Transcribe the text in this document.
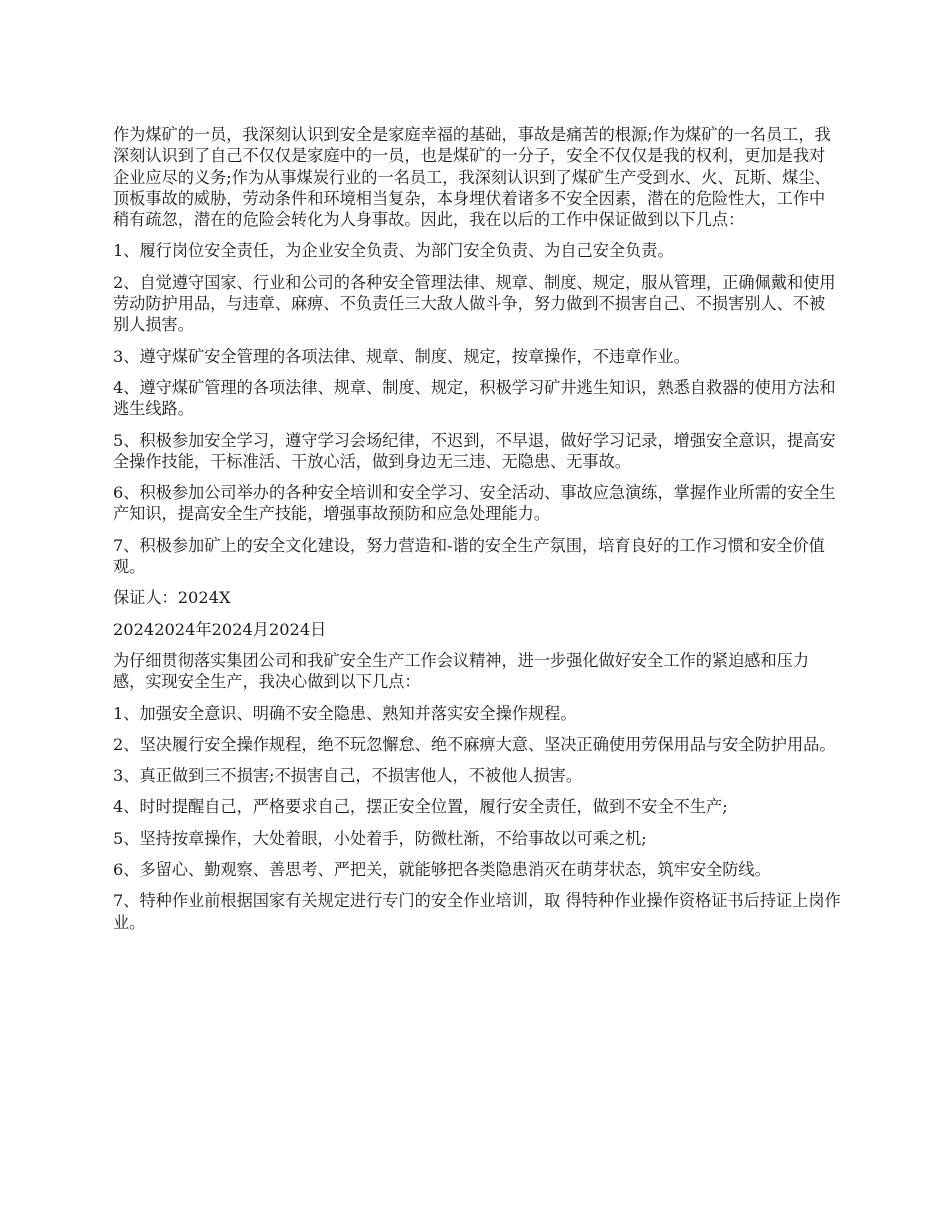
作为煤矿的一员，我深刻认识到安全是家庭幸福的基础，事故是痛苦的根源;作为煤矿的一名员工，我深刻认识到了自己不仅仅是家庭中的一员，也是煤矿的一分子，安全不仅仅是我的权利，更加是我对企业应尽的义务;作为从事煤炭行业的一名员工，我深刻认识到了煤矿生产受到水、火、瓦斯、煤尘、顶板事故的威胁，劳动条件和环境相当复杂，本身埋伏着诸多不安全因素，潜在的危险性大，工作中稍有疏忽，潜在的危险会转化为人身事故。因此，我在以后的工作中保证做到以下几点：

1、履行岗位安全责任，为企业安全负责、为部门安全负责、为自己安全负责。

2、自觉遵守国家、行业和公司的各种安全管理法律、规章、制度、规定，服从管理，正确佩戴和使用劳动防护用品，与违章、麻痹、不负责任三大敌人做斗争，努力做到不损害自己、不损害别人、不被别人损害。

3、遵守煤矿安全管理的各项法律、规章、制度、规定，按章操作，不违章作业。

4、遵守煤矿管理的各项法律、规章、制度、规定，积极学习矿井逃生知识，熟悉自救器的使用方法和逃生线路。

5、积极参加安全学习，遵守学习会场纪律，不迟到，不早退，做好学习记录，增强安全意识，提高安全操作技能，干标准活、干放心活，做到身边无三违、无隐患、无事故。

6、积极参加公司举办的各种安全培训和安全学习、安全活动、事故应急演练，掌握作业所需的安全生产知识，提高安全生产技能，增强事故预防和应急处理能力。

7、积极参加矿上的安全文化建设，努力营造和-谐的安全生产氛围，培育良好的工作习惯和安全价值观。

保证人：2024X

20242024年2024月2024日

为仔细贯彻落实集团公司和我矿安全生产工作会议精神，进一步强化做好安全工作的紧迫感和压力感，实现安全生产，我决心做到以下几点：

1、加强安全意识、明确不安全隐患、熟知并落实安全操作规程。

2、坚决履行安全操作规程，绝不玩忽懈怠、绝不麻痹大意、坚决正确使用劳保用品与安全防护用品。

3、真正做到三不损害;不损害自己，不损害他人，不被他人损害。

4、时时提醒自己，严格要求自己，摆正安全位置，履行安全责任，做到不安全不生产;

5、坚持按章操作，大处着眼，小处着手，防微杜渐，不给事故以可乘之机;

6、多留心、勤观察、善思考、严把关，就能够把各类隐患消灭在萌芽状态，筑牢安全防线。

7、特种作业前根据国家有关规定进行专门的安全作业培训，取 得特种作业操作资格证书后持证上岗作业。
